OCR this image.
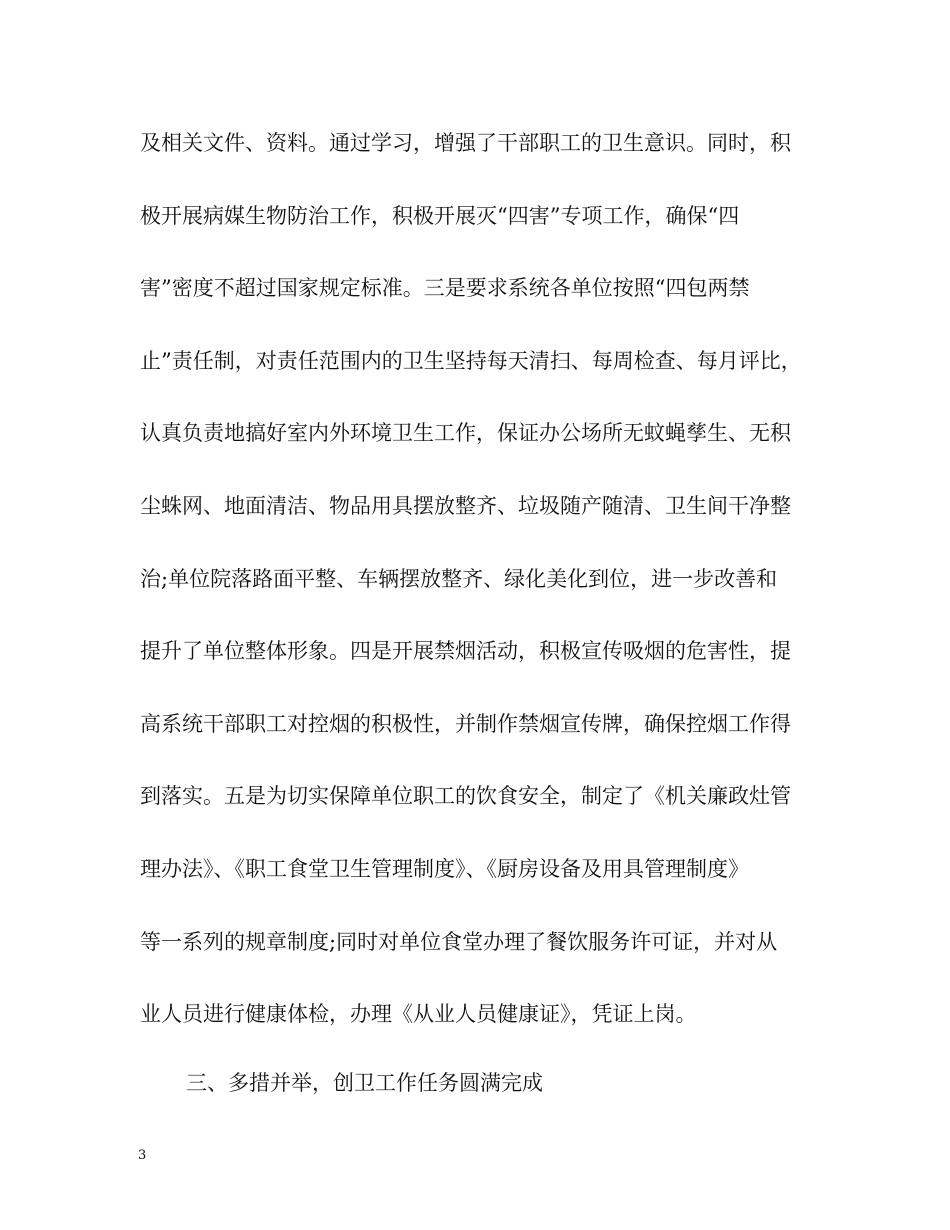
及相关文件、资料。通过学习，增强了干部职工的卫生意识。同时，积
极开展病媒生物防治工作，积极开展灭“四害”专项工作，确保“四
害”密度不超过国家规定标准。三是要求系统各单位按照“四包两禁
止”责任制，对责任范围内的卫生坚持每天清扫、每周检查、每月评比，
认真负责地搞好室内外环境卫生工作，保证办公场所无蚊蝇孳生、无积
尘蛛网、地面清洁、物品用具摆放整齐、垃圾随产随清、卫生间干净整
治;单位院落路面平整、车辆摆放整齐、绿化美化到位，进一步改善和
提升了单位整体形象。四是开展禁烟活动，积极宣传吸烟的危害性，提
高系统干部职工对控烟的积极性，并制作禁烟宣传牌，确保控烟工作得
到落实。五是为切实保障单位职工的饮食安全，制定了《机关廉政灶管
理办法》、《职工食堂卫生管理制度》、《厨房设备及用具管理制度》
等一系列的规章制度;同时对单位食堂办理了餐饮服务许可证，并对从
业人员进行健康体检，办理《从业人员健康证》，凭证上岗。
三、多措并举，创卫工作任务圆满完成
3
